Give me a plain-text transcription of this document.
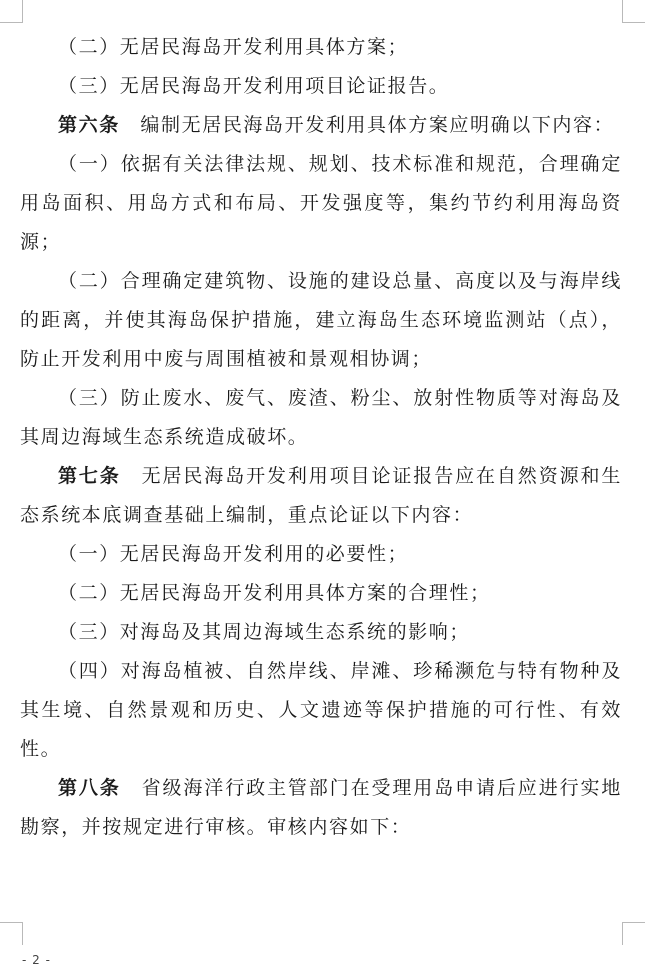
（二）无居民海岛开发利用具体方案；

（三）无居民海岛开发利用项目论证报告。

第六条　编制无居民海岛开发利用具体方案应明确以下内容：

（一）依据有关法律法规、规划、技术标准和规范，合理确定用岛面积、用岛方式和布局、开发强度等，集约节约利用海岛资源；

（二）合理确定建筑物、设施的建设总量、高度以及与海岸线的距离，并使其海岛保护措施，建立海岛生态环境监测站（点），防止开发利用中废与周围植被和景观相协调；

（三）防止废水、废气、废渣、粉尘、放射性物质等对海岛及其周边海域生态系统造成破坏。

第七条　无居民海岛开发利用项目论证报告应在自然资源和生态系统本底调查基础上编制，重点论证以下内容：

（一）无居民海岛开发利用的必要性；

（二）无居民海岛开发利用具体方案的合理性；

（三）对海岛及其周边海域生态系统的影响；

（四）对海岛植被、自然岸线、岸滩、珍稀濒危与特有物种及其生境、自然景观和历史、人文遗迹等保护措施的可行性、有效性。

第八条　省级海洋行政主管部门在受理用岛申请后应进行实地勘察，并按规定进行审核。审核内容如下：

- 2 -
